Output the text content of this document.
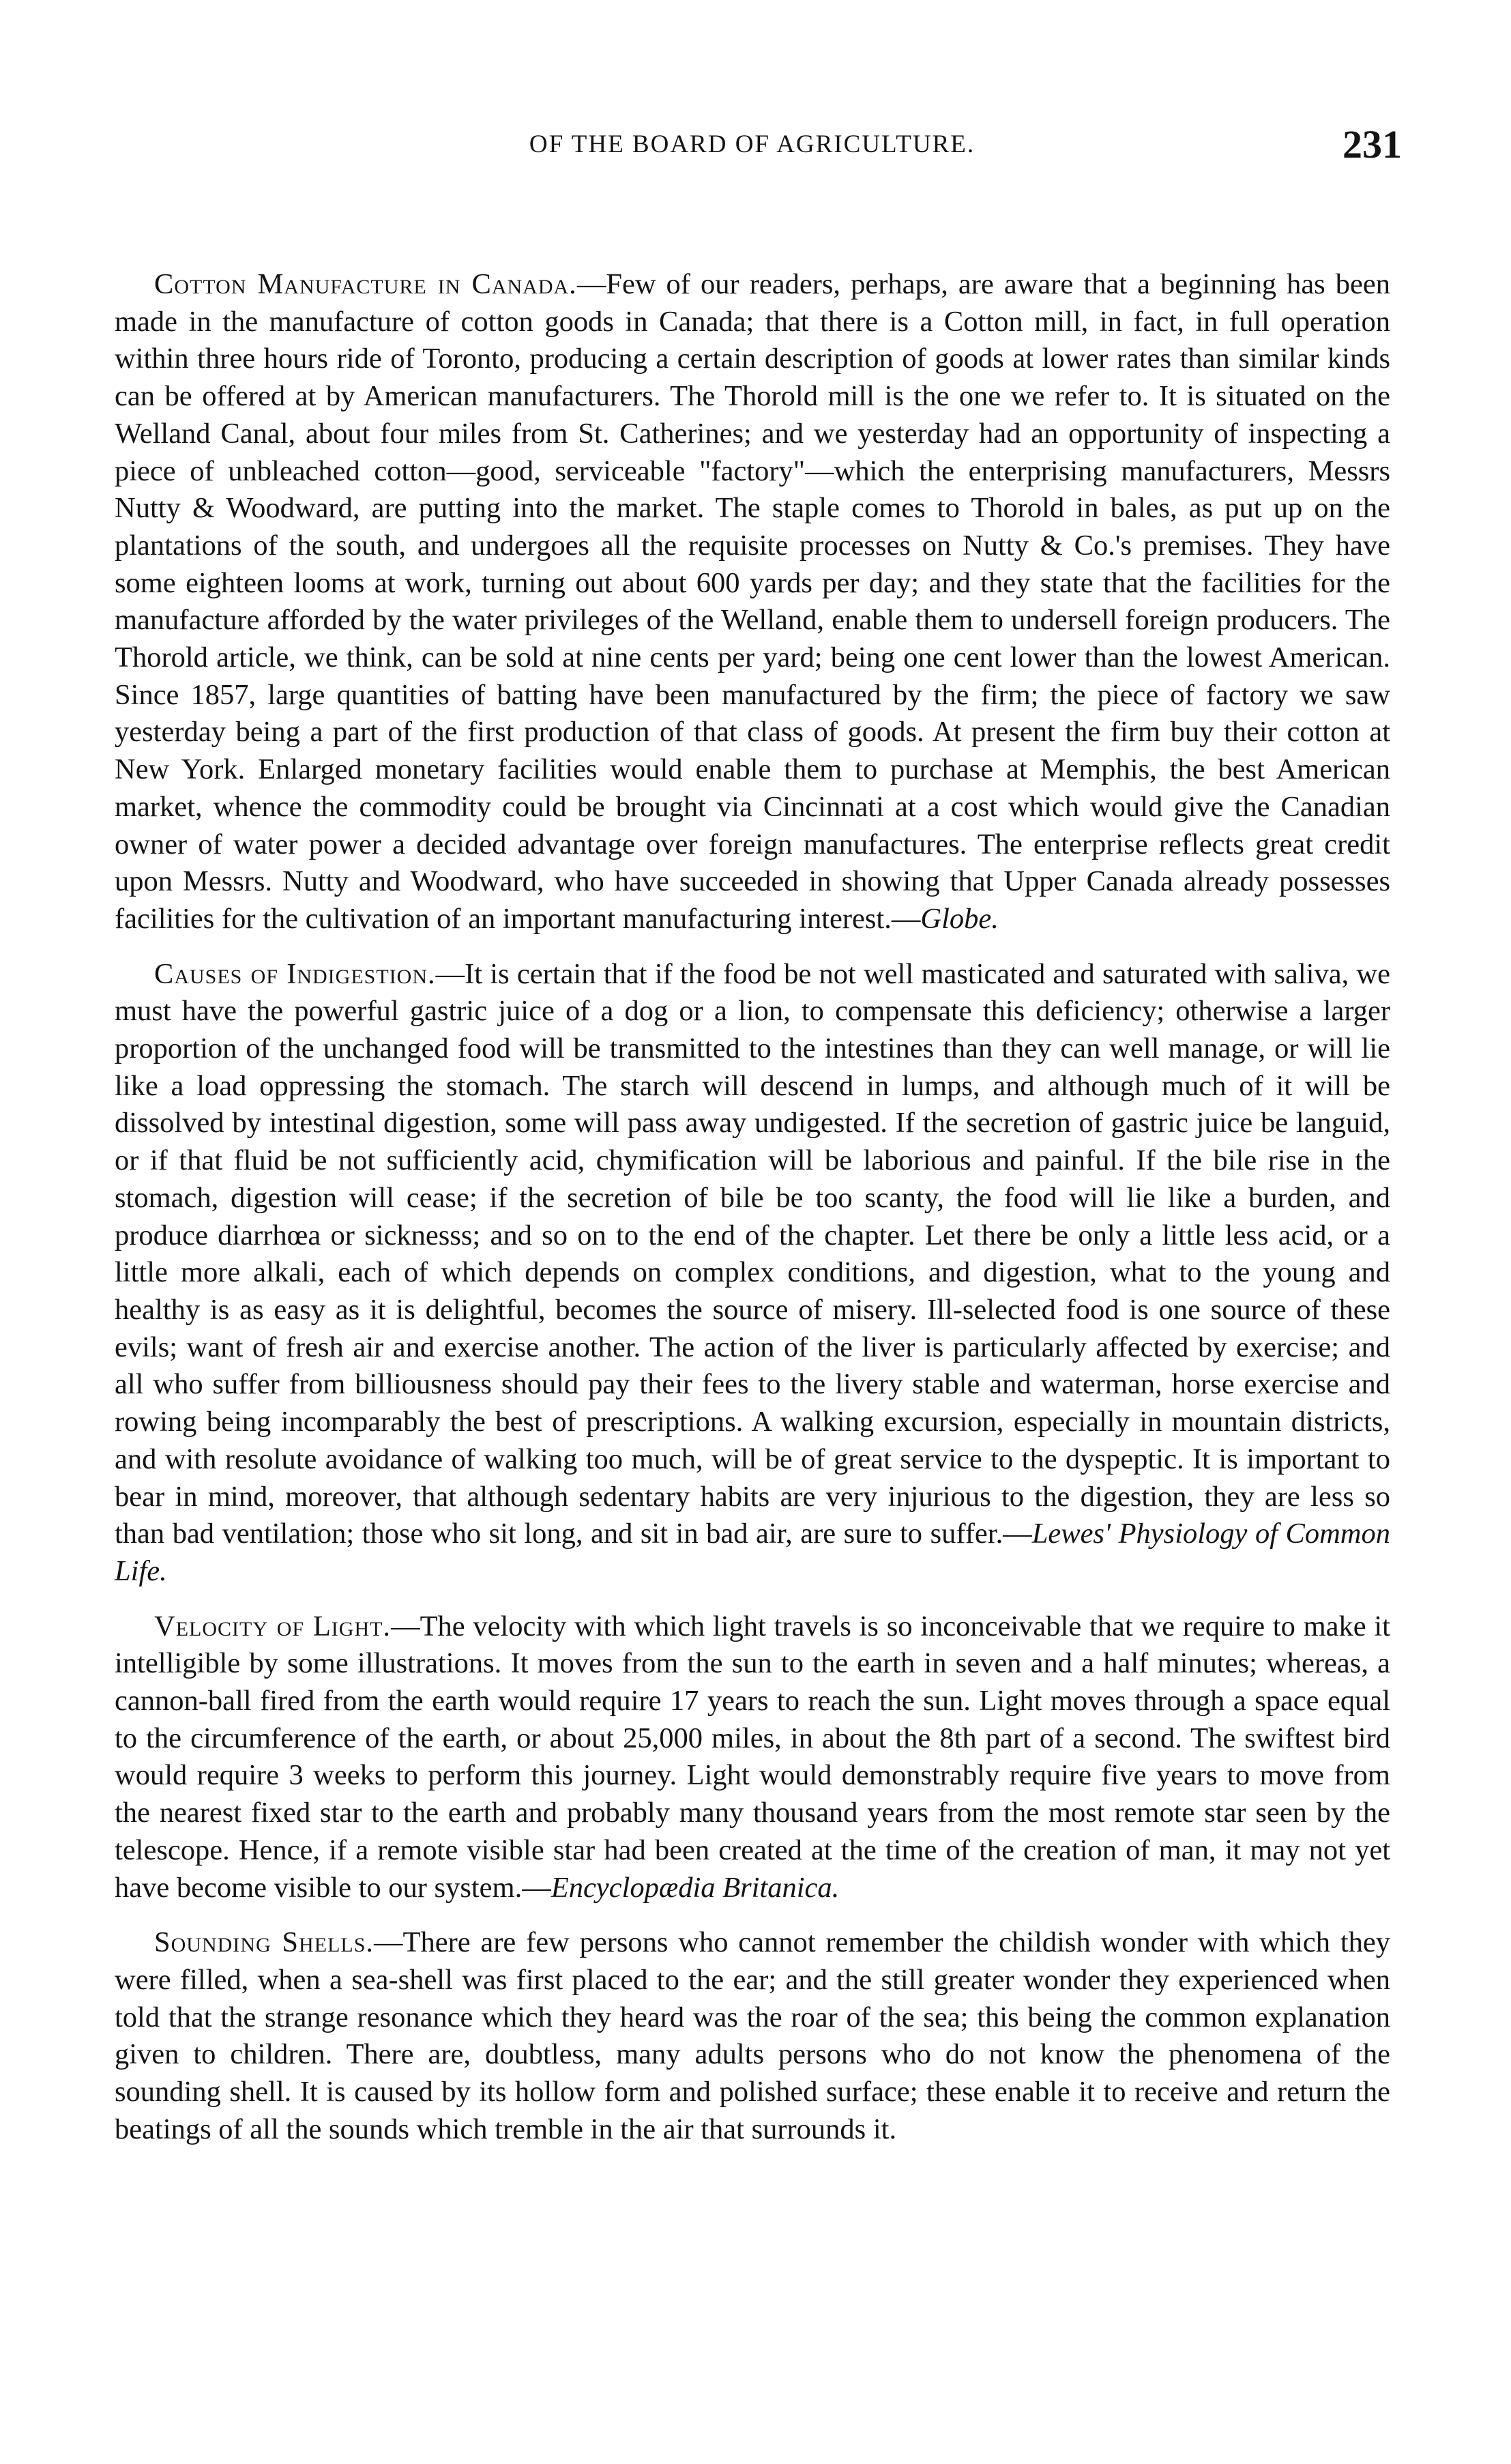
OF THE BOARD OF AGRICULTURE.	231

Cotton Manufacture in Canada.—Few of our readers, perhaps, are aware that a beginning has been made in the manufacture of cotton goods in Canada; that there is a Cotton mill, in fact, in full operation within three hours ride of Toronto, producing a certain description of goods at lower rates than similar kinds can be offered at by American manufacturers. The Thorold mill is the one we refer to. It is situated on the Welland Canal, about four miles from St. Catherines; and we yesterday had an opportunity of inspecting a piece of unbleached cotton—good, serviceable "factory"—which the enterprising manufacturers, Messrs Nutty & Woodward, are putting into the market. The staple comes to Thorold in bales, as put up on the plantations of the south, and undergoes all the requisite processes on Nutty & Co.'s premises. They have some eighteen looms at work, turning out about 600 yards per day; and they state that the facilities for the manufacture afforded by the water privileges of the Welland, enable them to undersell foreign producers. The Thorold article, we think, can be sold at nine cents per yard; being one cent lower than the lowest American. Since 1857, large quantities of batting have been manufactured by the firm; the piece of factory we saw yesterday being a part of the first production of that class of goods. At present the firm buy their cotton at New York. Enlarged monetary facilities would enable them to purchase at Memphis, the best American market, whence the commodity could be brought via Cincinnati at a cost which would give the Canadian owner of water power a decided advantage over foreign manufactures. The enterprise reflects great credit upon Messrs. Nutty and Woodward, who have succeeded in showing that Upper Canada already possesses facilities for the cultivation of an important manufacturing interest.—Globe.

Causes of Indigestion.—It is certain that if the food be not well masticated and saturated with saliva, we must have the powerful gastric juice of a dog or a lion, to compensate this deficiency; otherwise a larger proportion of the unchanged food will be transmitted to the intestines than they can well manage, or will lie like a load oppressing the stomach. The starch will descend in lumps, and although much of it will be dissolved by intestinal digestion, some will pass away undigested. If the secretion of gastric juice be languid, or if that fluid be not sufficiently acid, chymification will be laborious and painful. If the bile rise in the stomach, digestion will cease; if the secretion of bile be too scanty, the food will lie like a burden, and produce diarrhœa or sicknesss; and so on to the end of the chapter. Let there be only a little less acid, or a little more alkali, each of which depends on complex conditions, and digestion, what to the young and healthy is as easy as it is delightful, becomes the source of misery. Ill-selected food is one source of these evils; want of fresh air and exercise another. The action of the liver is particularly affected by exercise; and all who suffer from billiousness should pay their fees to the livery stable and waterman, horse exercise and rowing being incomparably the best of prescriptions. A walking excursion, especially in mountain districts, and with resolute avoidance of walking too much, will be of great service to the dyspeptic. It is important to bear in mind, moreover, that although sedentary habits are very injurious to the digestion, they are less so than bad ventilation; those who sit long, and sit in bad air, are sure to suffer.—Lewes' Physiology of Common Life.

Velocity of Light.—The velocity with which light travels is so inconceivable that we require to make it intelligible by some illustrations. It moves from the sun to the earth in seven and a half minutes; whereas, a cannon-ball fired from the earth would require 17 years to reach the sun. Light moves through a space equal to the circumference of the earth, or about 25,000 miles, in about the 8th part of a second. The swiftest bird would require 3 weeks to perform this journey. Light would demonstrably require five years to move from the nearest fixed star to the earth and probably many thousand years from the most remote star seen by the telescope. Hence, if a remote visible star had been created at the time of the creation of man, it may not yet have become visible to our system.—Encyclopædia Britanica.

Sounding Shells.—There are few persons who cannot remember the childish wonder with which they were filled, when a sea-shell was first placed to the ear; and the still greater wonder they experienced when told that the strange resonance which they heard was the roar of the sea; this being the common explanation given to children. There are, doubtless, many adults persons who do not know the phenomena of the sounding shell. It is caused by its hollow form and polished surface; these enable it to receive and return the beatings of all the sounds which tremble in the air that surrounds it.
